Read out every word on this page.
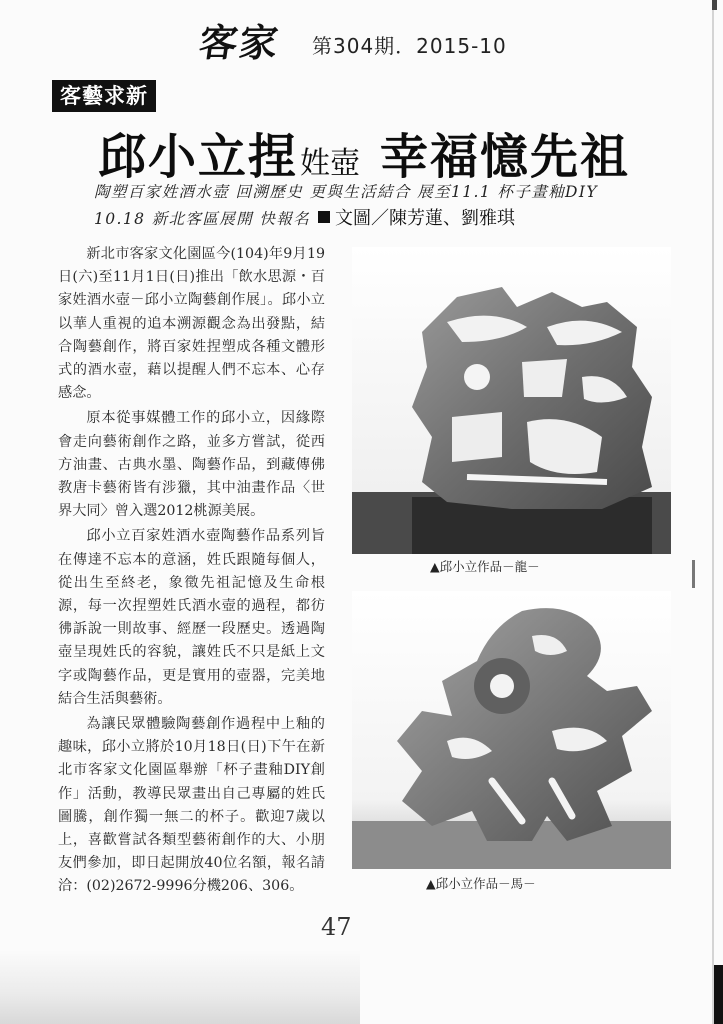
客家 第304期．2015-10
客藝求新
邱小立捏姓壺 幸福憶先祖
陶塑百家姓酒水壺 回溯歷史 更與生活結合 展至11.1 杯子畫釉DIY
10.18 新北客區展開 快報名	文圖／陳芳蓮、劉雅琪

新北市客家文化園區今(104)年9月19日(六)至11月1日(日)推出「飲水思源・百家姓酒水壺－邱小立陶藝創作展」。邱小立以華人重視的追本溯源觀念為出發點，結合陶藝創作，將百家姓捏塑成各種文體形式的酒水壺，藉以提醒人們不忘本、心存感念。

原本從事媒體工作的邱小立，因緣際會走向藝術創作之路，並多方嘗試，從西方油畫、古典水墨、陶藝作品，到藏傳佛教唐卡藝術皆有涉獵，其中油畫作品〈世界大同〉曾入選2012桃源美展。

邱小立百家姓酒水壺陶藝作品系列旨在傳達不忘本的意涵，姓氏跟隨每個人，從出生至終老，象徵先祖記憶及生命根源，每一次捏塑姓氏酒水壺的過程，都彷彿訴說一則故事、經歷一段歷史。透過陶壺呈現姓氏的容貌，讓姓氏不只是紙上文字或陶藝作品，更是實用的壺器，完美地結合生活與藝術。

為讓民眾體驗陶藝創作過程中上釉的趣味，邱小立將於10月18日(日)下午在新北市客家文化園區舉辦「杯子畫釉DIY創作」活動，教導民眾畫出自己專屬的姓氏圖騰，創作獨一無二的杯子。歡迎7歲以上，喜歡嘗試各類型藝術創作的大、小朋友們參加，即日起開放40位名額，報名請洽：(02)2672-9996分機206、306。

▲邱小立作品－龍－
▲邱小立作品－馬－
47
